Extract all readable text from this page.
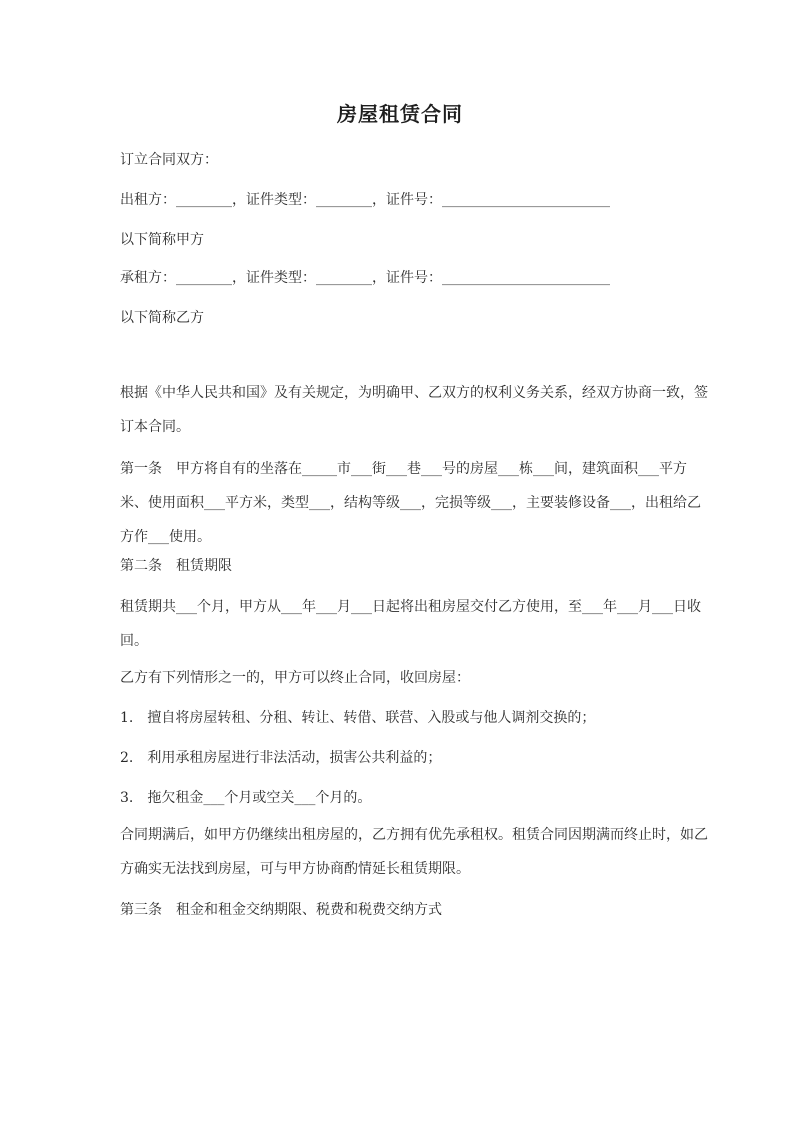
房屋租赁合同
订立合同双方：
出租方：________，证件类型：________，证件号：________________________
以下简称甲方
承租方：________，证件类型：________，证件号：________________________
以下简称乙方
根据《中华人民共和国》及有关规定，为明确甲、乙双方的权利义务关系，经双方协商一致，签订本合同。
第一条　甲方将自有的坐落在_____市___街___巷___号的房屋___栋___间，建筑面积___平方米、使用面积___平方米，类型___，结构等级___，完损等级___，主要装修设备___，出租给乙方作___使用。
第二条　租赁期限
租赁期共___个月，甲方从___年___月___日起将出租房屋交付乙方使用，至___年___月___日收回。
乙方有下列情形之一的，甲方可以终止合同，收回房屋：
1.　擅自将房屋转租、分租、转让、转借、联营、入股或与他人调剂交换的；
2.　利用承租房屋进行非法活动，损害公共利益的；
3.　拖欠租金___个月或空关___个月的。
合同期满后，如甲方仍继续出租房屋的，乙方拥有优先承租权。租赁合同因期满而终止时，如乙方确实无法找到房屋，可与甲方协商酌情延长租赁期限。
第三条　租金和租金交纳期限、税费和税费交纳方式
